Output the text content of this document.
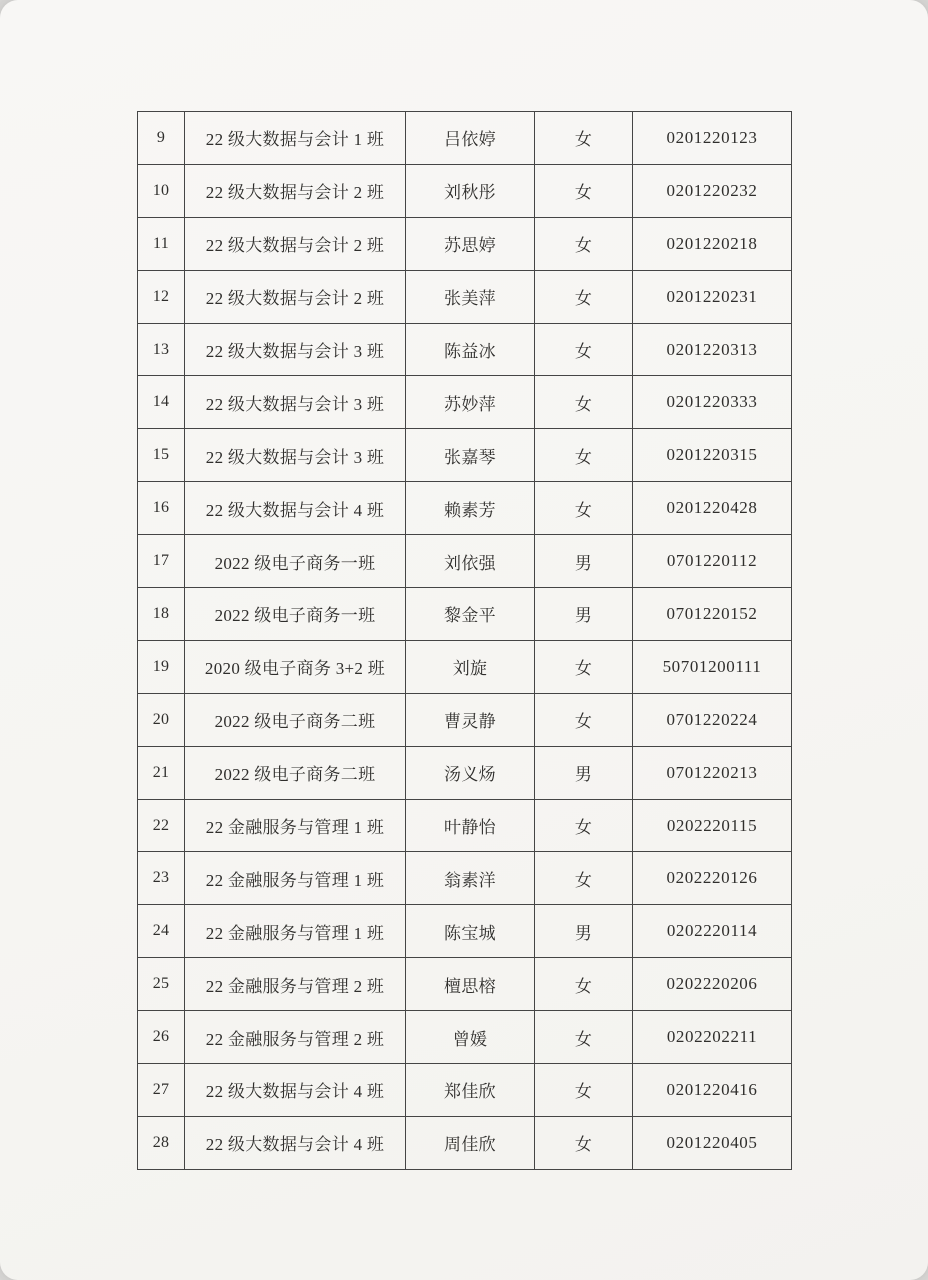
9	22 级大数据与会计 1 班	吕依婷	女	0201220123
10	22 级大数据与会计 2 班	刘秋彤	女	0201220232
11	22 级大数据与会计 2 班	苏思婷	女	0201220218
12	22 级大数据与会计 2 班	张美萍	女	0201220231
13	22 级大数据与会计 3 班	陈益冰	女	0201220313
14	22 级大数据与会计 3 班	苏妙萍	女	0201220333
15	22 级大数据与会计 3 班	张嘉琴	女	0201220315
16	22 级大数据与会计 4 班	赖素芳	女	0201220428
17	2022 级电子商务一班	刘依强	男	0701220112
18	2022 级电子商务一班	黎金平	男	0701220152
19	2020 级电子商务 3+2 班	刘旋	女	50701200111
20	2022 级电子商务二班	曹灵静	女	0701220224
21	2022 级电子商务二班	汤义炀	男	0701220213
22	22 金融服务与管理 1 班	叶静怡	女	0202220115
23	22 金融服务与管理 1 班	翁素洋	女	0202220126
24	22 金融服务与管理 1 班	陈宝城	男	0202220114
25	22 金融服务与管理 2 班	檀思榕	女	0202220206
26	22 金融服务与管理 2 班	曾媛	女	0202202211
27	22 级大数据与会计 4 班	郑佳欣	女	0201220416
28	22 级大数据与会计 4 班	周佳欣	女	0201220405
